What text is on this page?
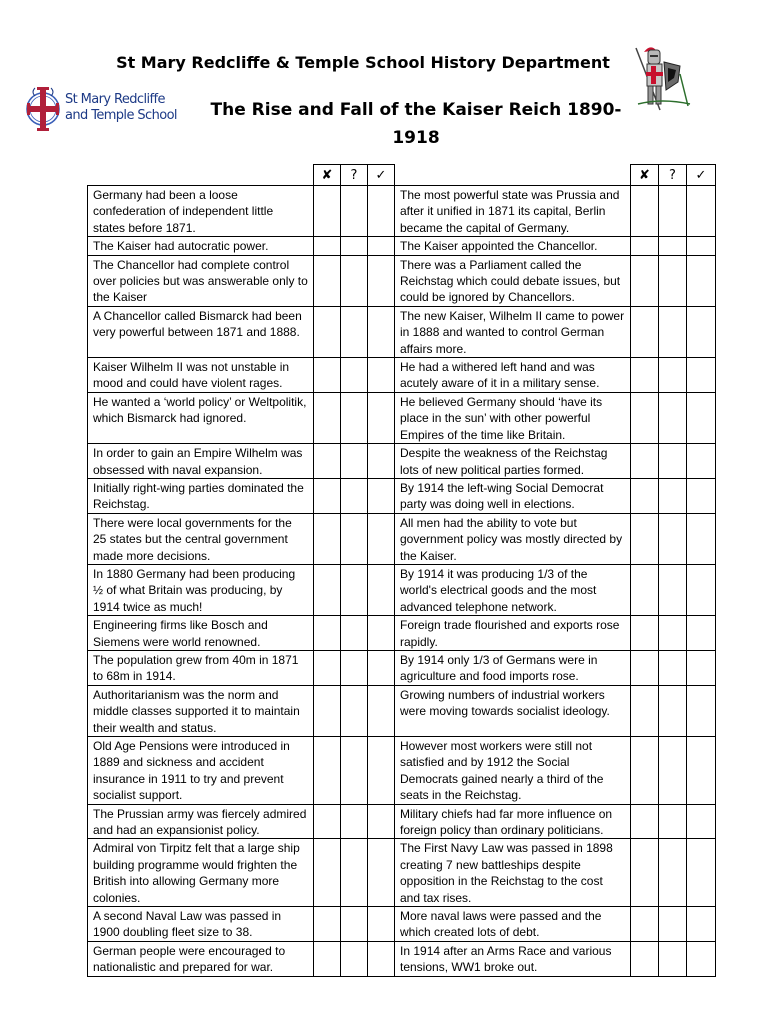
St Mary Redcliffe & Temple School History Department
St Mary Redcliffe
and Temple School	The Rise and Fall of the Kaiser Reich 1890-1918
	✘	?	✓		✘	?	✓
Germany had been a loose confederation of independent little states before 1871.				The most powerful state was Prussia and after it unified in 1871 its capital, Berlin became the capital of Germany.			
The Kaiser had autocratic power.				The Kaiser appointed the Chancellor.			
The Chancellor had complete control over policies but was answerable only to the Kaiser				There was a Parliament called the Reichstag which could debate issues, but could be ignored by Chancellors.			
A Chancellor called Bismarck had been very powerful between 1871 and 1888.				The new Kaiser, Wilhelm II came to power in 1888 and wanted to control German affairs more.			
Kaiser Wilhelm II was not unstable in mood and could have violent rages.				He had a withered left hand and was acutely aware of it in a military sense.			
He wanted a ‘world policy’ or Weltpolitik, which Bismarck had ignored.				He believed Germany should ‘have its place in the sun’ with other powerful Empires of the time like Britain.			
In order to gain an Empire Wilhelm was obsessed with naval expansion.				Despite the weakness of the Reichstag lots of new political parties formed.			
Initially right-wing parties dominated the Reichstag.				By 1914 the left-wing Social Democrat party was doing well in elections.			
There were local governments for the 25 states but the central government made more decisions.				All men had the ability to vote but government policy was mostly directed by the Kaiser.			
In 1880 Germany had been producing ½ of what Britain was producing, by 1914 twice as much!				By 1914 it was producing 1/3 of the world's electrical goods and the most advanced telephone network.			
Engineering firms like Bosch and Siemens were world renowned.				Foreign trade flourished and exports rose rapidly.			
The population grew from 40m in 1871 to 68m in 1914.				By 1914 only 1/3 of Germans were in agriculture and food imports rose.			
Authoritarianism was the norm and middle classes supported it to maintain their wealth and status.				Growing numbers of industrial workers were moving towards socialist ideology.			
Old Age Pensions were introduced in 1889 and sickness and accident insurance in 1911 to try and prevent socialist support.				However most workers were still not satisfied and by 1912 the Social Democrats gained nearly a third of the seats in the Reichstag.			
The Prussian army was fiercely admired and had an expansionist policy.				Military chiefs had far more influence on foreign policy than ordinary politicians.			
Admiral von Tirpitz felt that a large ship building programme would frighten the British into allowing Germany more colonies.				The First Navy Law was passed in 1898 creating 7 new battleships despite opposition in the Reichstag to the cost and tax rises.			
A second Naval Law was passed in 1900 doubling fleet size to 38.				More naval laws were passed and the which created lots of debt.			
German people were encouraged to nationalistic and prepared for war.				In 1914 after an Arms Race and various tensions, WW1 broke out.			
